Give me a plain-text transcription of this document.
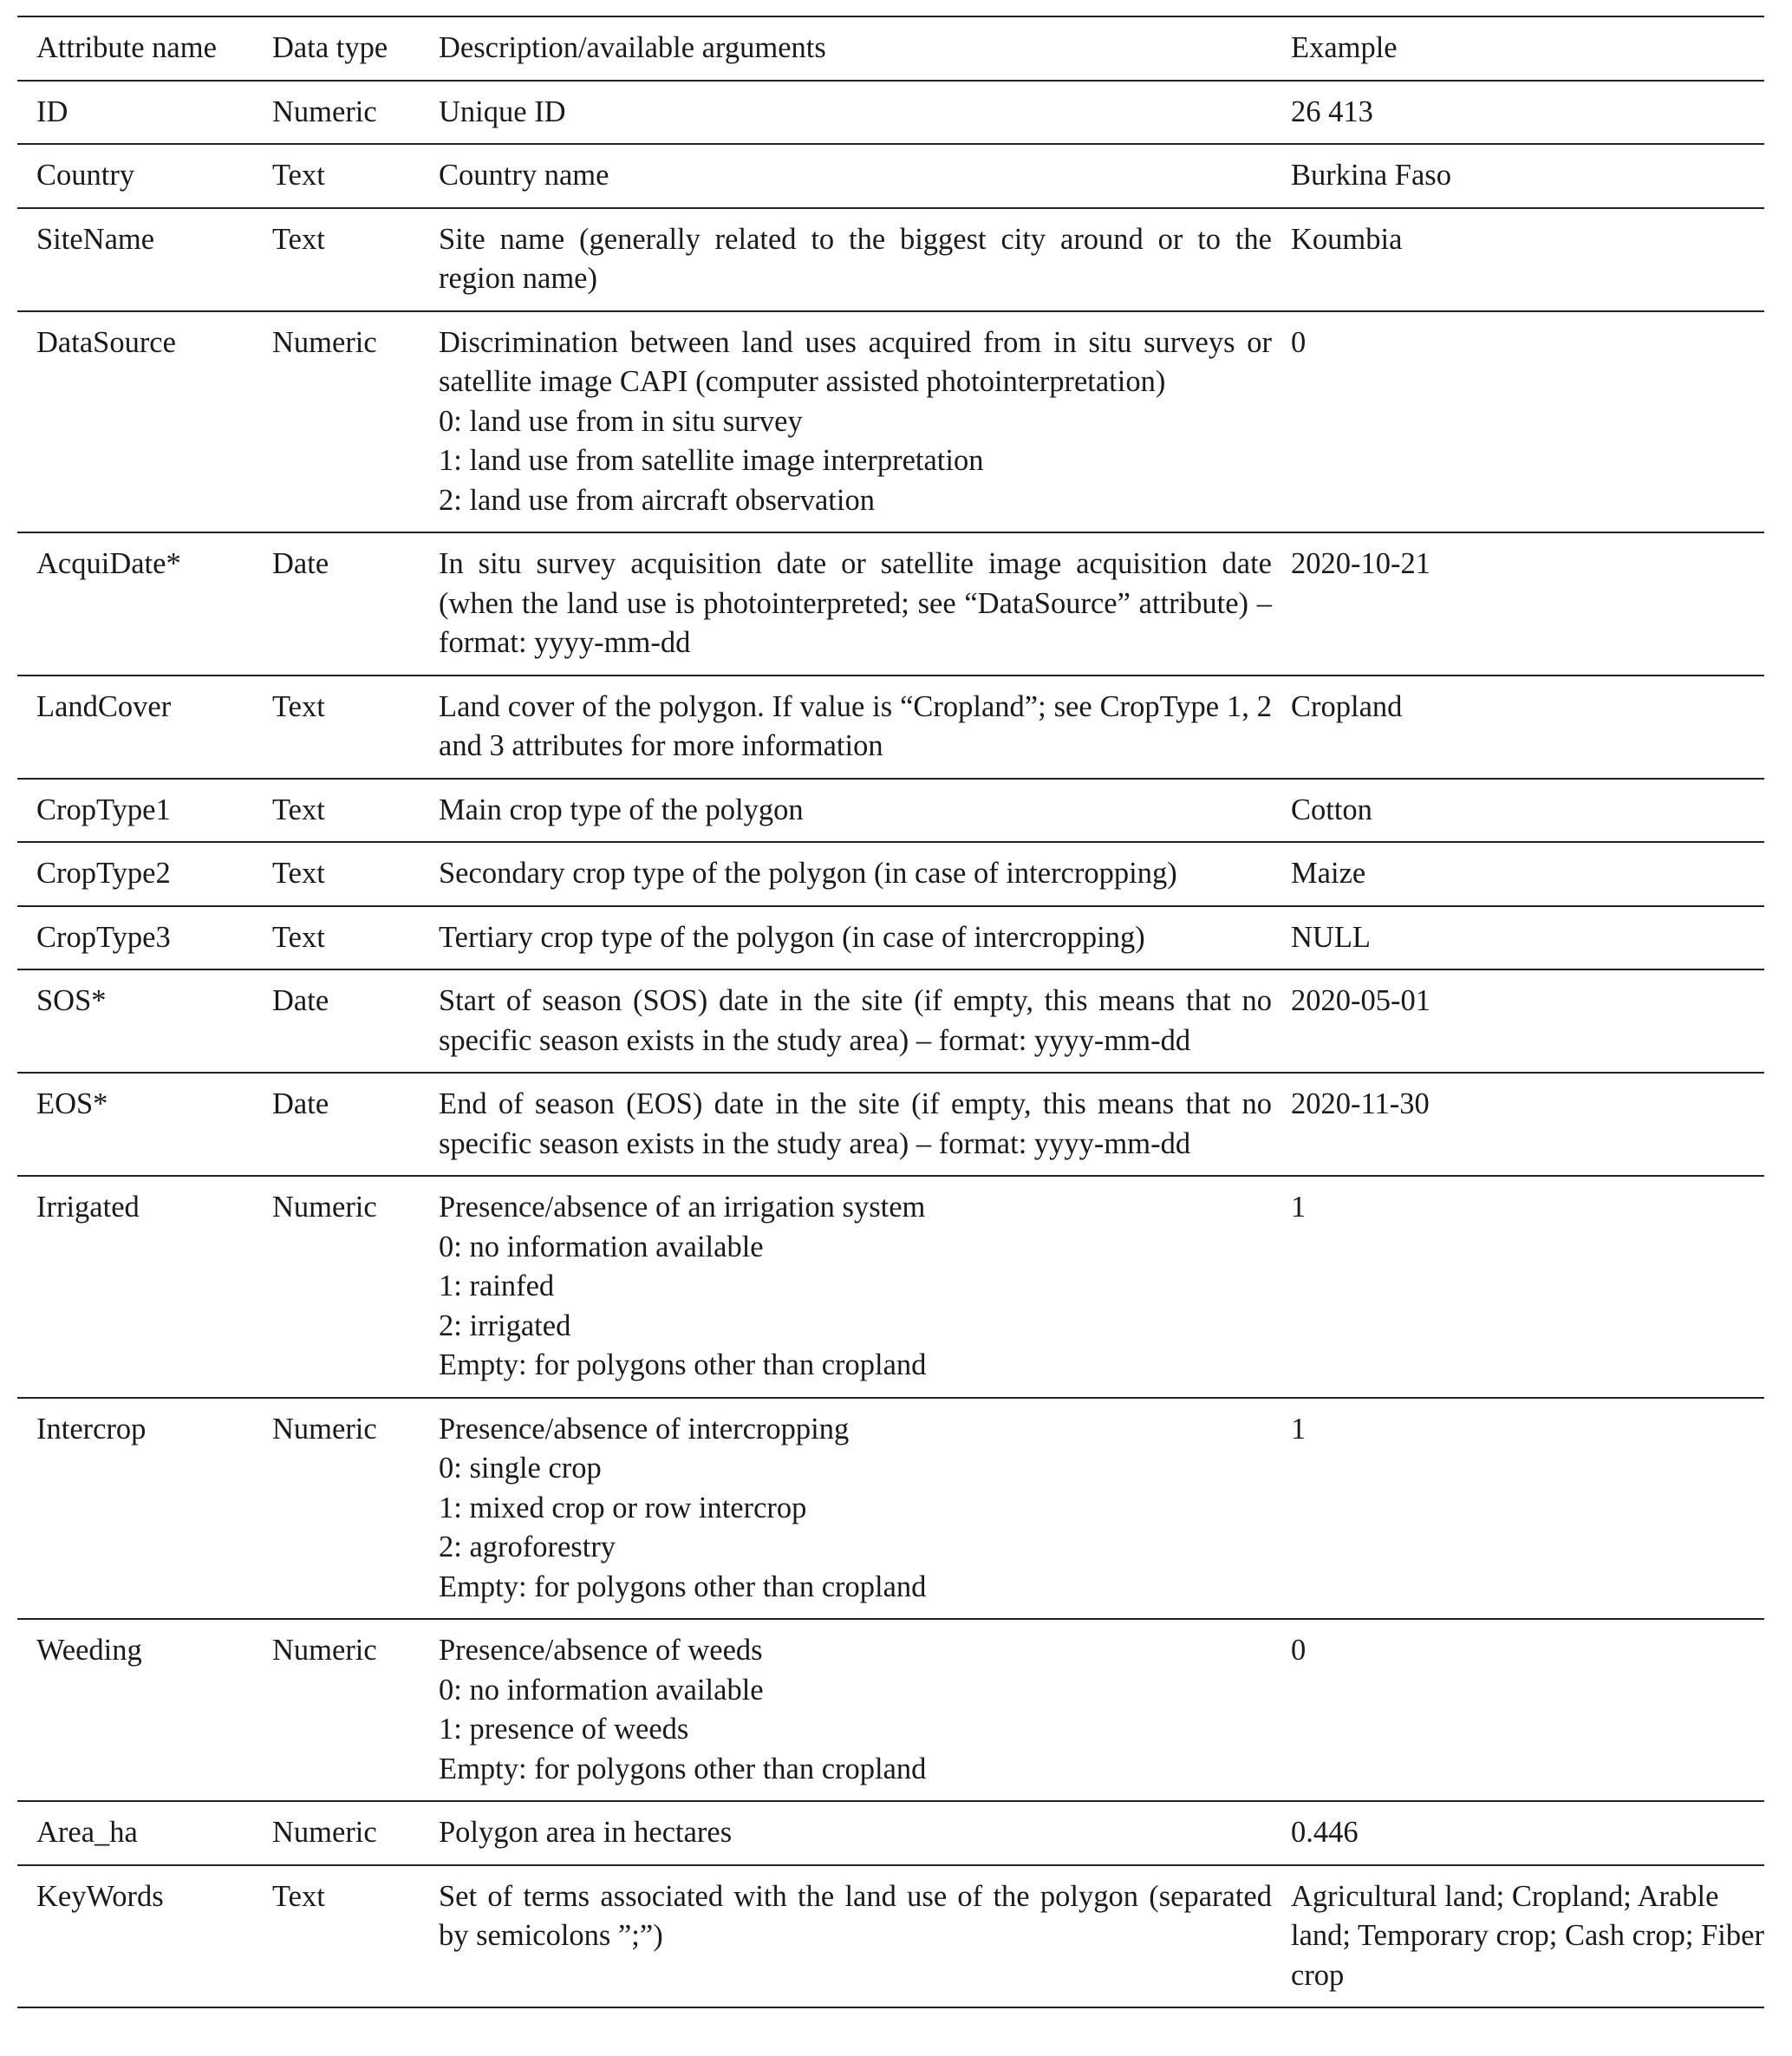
Attribute name	Data type	Description/available arguments	Example
ID	Numeric	Unique ID	26 413
Country	Text	Country name	Burkina Faso
SiteName	Text	Site name (generally related to the biggest city around or to the region name)	Koumbia
DataSource	Numeric	Discrimination between land uses acquired from in situ surveys or satellite image CAPI (computer assisted photointerpretation)
0: land use from in situ survey
1: land use from satellite image interpretation
2: land use from aircraft observation	0
AcquiDate*	Date	In situ survey acquisition date or satellite image acquisition date (when the land use is photointerpreted; see “DataSource” attribute) – format: yyyy-mm-dd	2020-10-21
LandCover	Text	Land cover of the polygon. If value is “Cropland”; see CropType 1, 2 and 3 attributes for more information	Cropland
CropType1	Text	Main crop type of the polygon	Cotton
CropType2	Text	Secondary crop type of the polygon (in case of intercropping)	Maize
CropType3	Text	Tertiary crop type of the polygon (in case of intercropping)	NULL
SOS*	Date	Start of season (SOS) date in the site (if empty, this means that no specific season exists in the study area) – format: yyyy-mm-dd	2020-05-01
EOS*	Date	End of season (EOS) date in the site (if empty, this means that no specific season exists in the study area) – format: yyyy-mm-dd	2020-11-30
Irrigated	Numeric	Presence/absence of an irrigation system
0: no information available
1: rainfed
2: irrigated
Empty: for polygons other than cropland	1
Intercrop	Numeric	Presence/absence of intercropping
0: single crop
1: mixed crop or row intercrop
2: agroforestry
Empty: for polygons other than cropland	1
Weeding	Numeric	Presence/absence of weeds
0: no information available
1: presence of weeds
Empty: for polygons other than cropland	0
Area_ha	Numeric	Polygon area in hectares	0.446
KeyWords	Text	Set of terms associated with the land use of the polygon (separated by semicolons ”;”)	Agricultural land; Cropland; Arable land; Temporary crop; Cash crop; Fiber crop
